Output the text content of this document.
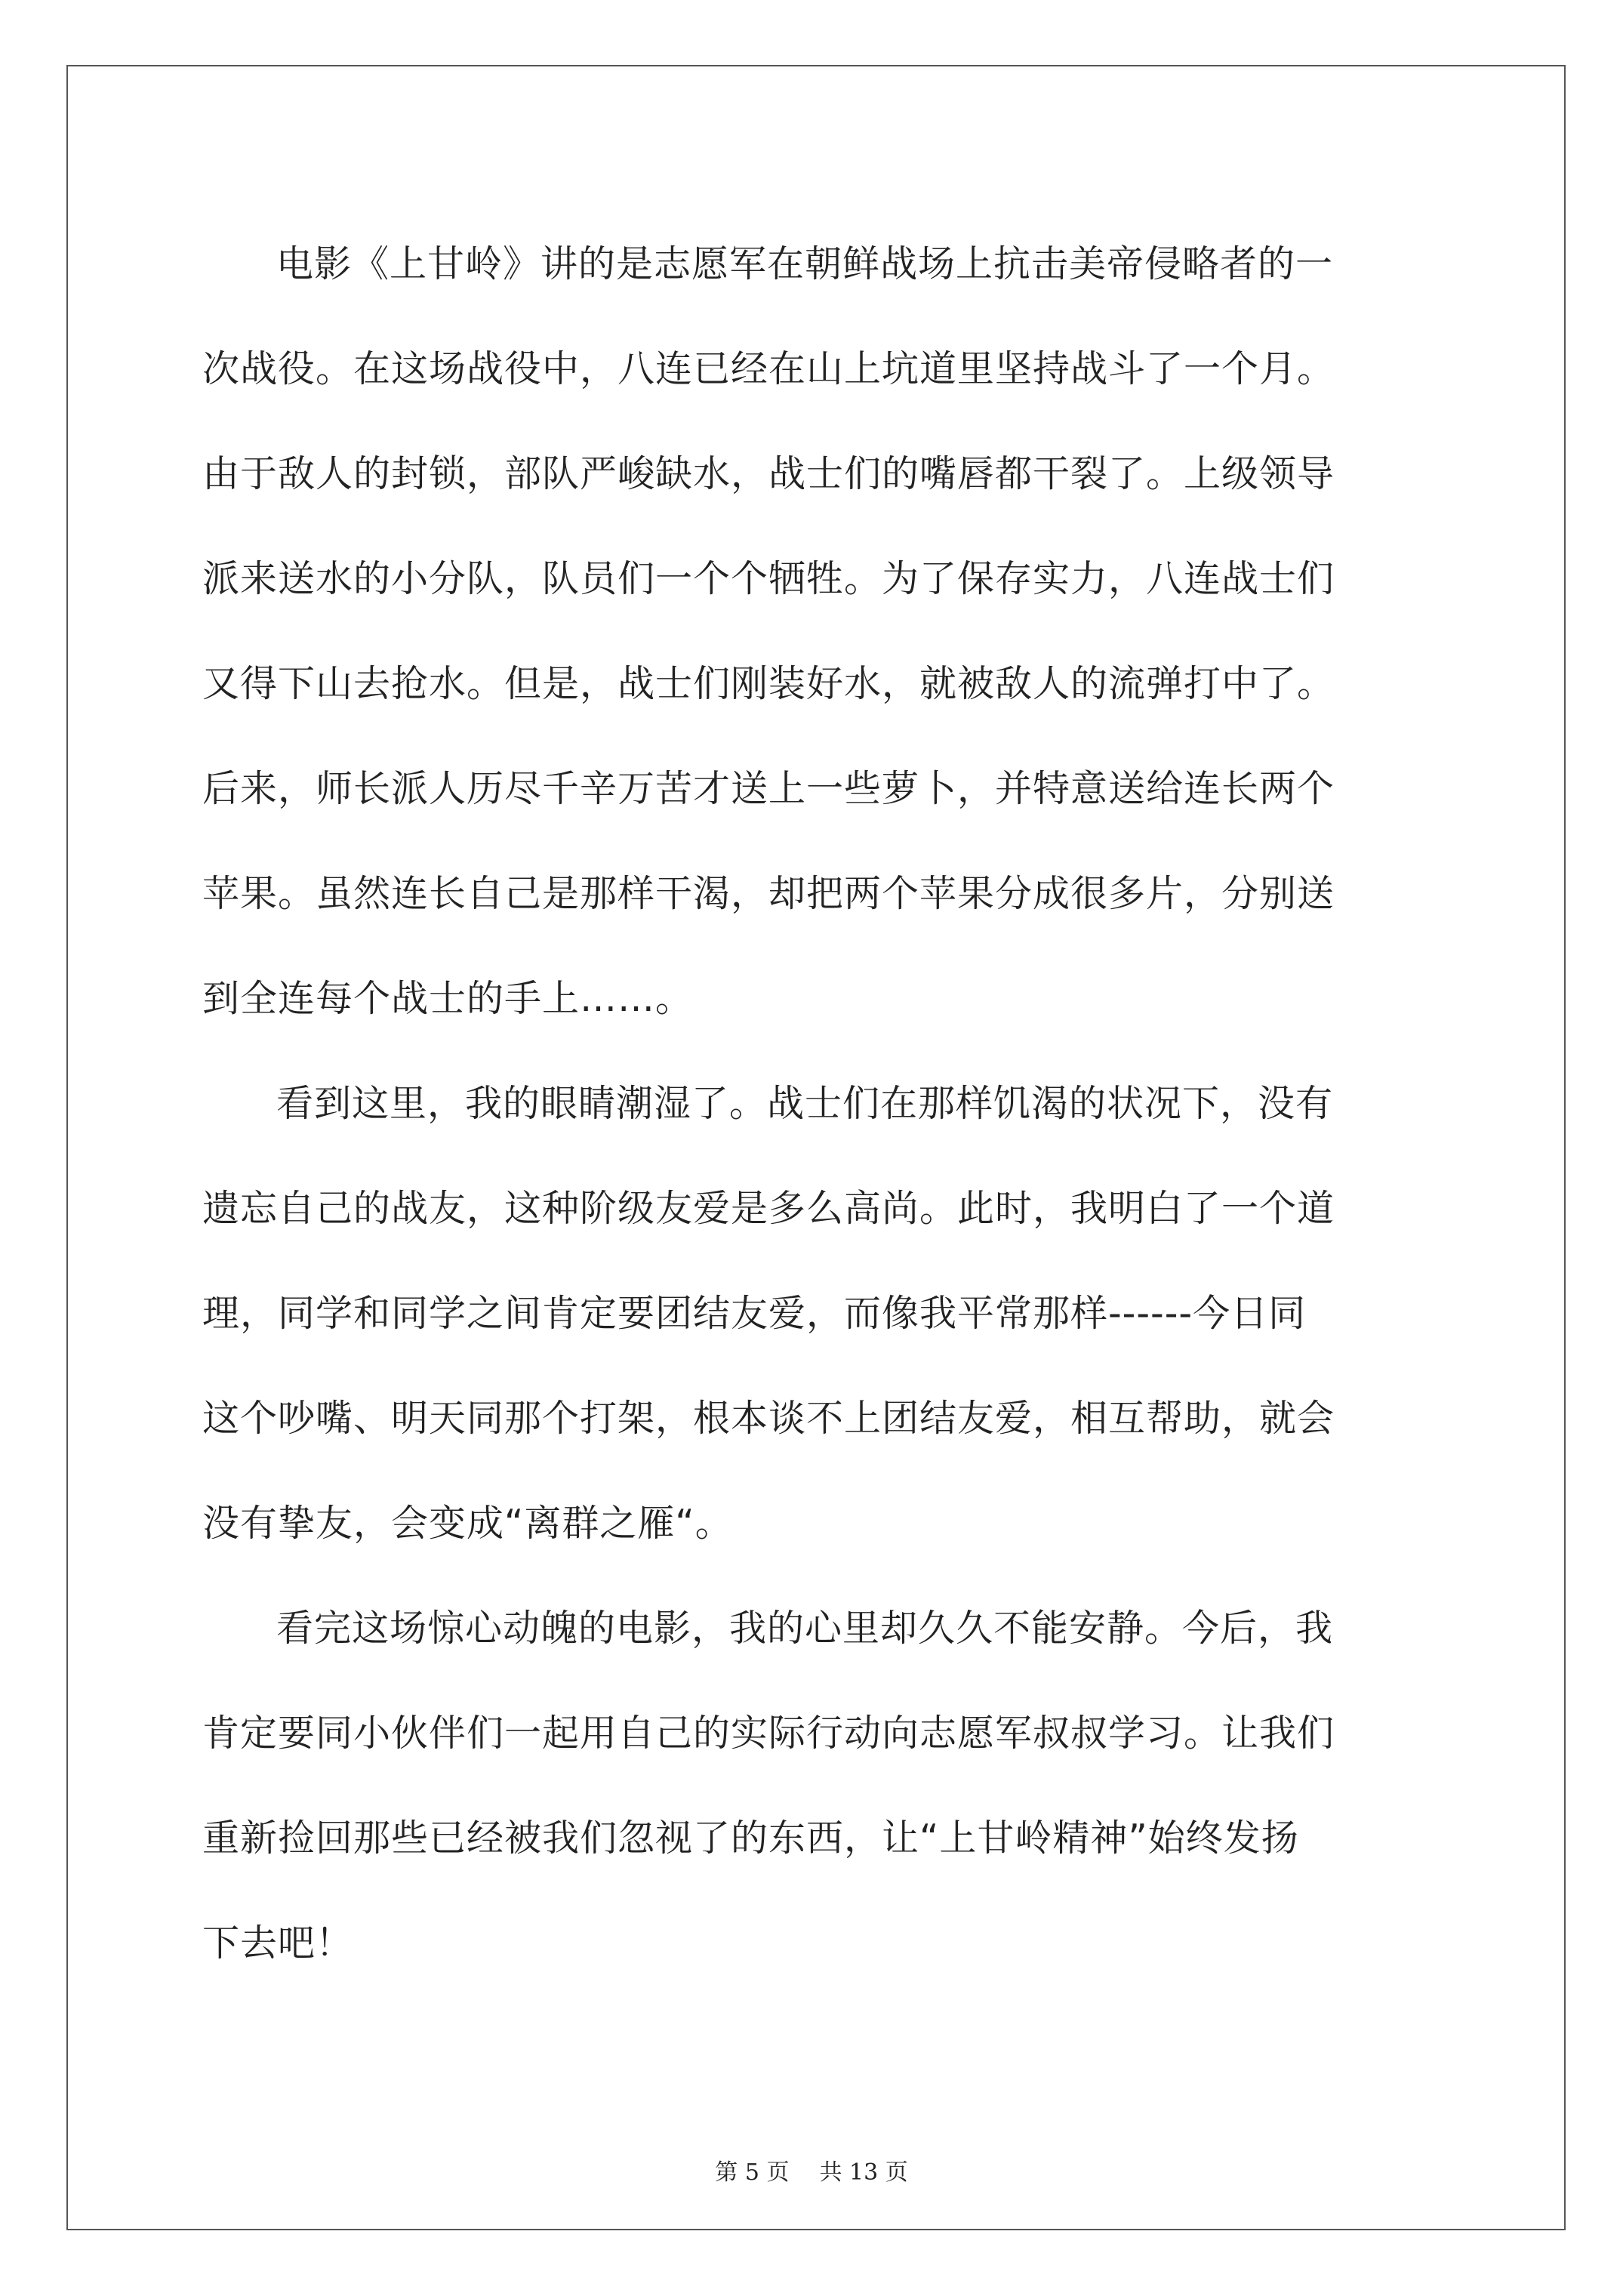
电影《上甘岭》讲的是志愿军在朝鲜战场上抗击美帝侵略者的一
次战役。在这场战役中，八连已经在山上坑道里坚持战斗了一个月。
由于敌人的封锁，部队严峻缺水，战士们的嘴唇都干裂了。上级领导
派来送水的小分队，队员们一个个牺牲。为了保存实力，八连战士们
又得下山去抢水。但是，战士们刚装好水，就被敌人的流弹打中了。
后来，师长派人历尽千辛万苦才送上一些萝卜，并特意送给连长两个
苹果。虽然连长自己是那样干渴，却把两个苹果分成很多片，分别送
到全连每个战士的手上……。
看到这里，我的眼睛潮湿了。战士们在那样饥渴的状况下，没有
遗忘自己的战友，这种阶级友爱是多么高尚。此时，我明白了一个道
理，同学和同学之间肯定要团结友爱，而像我平常那样------今日同
这个吵嘴、明天同那个打架，根本谈不上团结友爱，相互帮助，就会
没有挚友，会变成“离群之雁“。
看完这场惊心动魄的电影，我的心里却久久不能安静。今后，我
肯定要同小伙伴们一起用自己的实际行动向志愿军叔叔学习。让我们
重新捡回那些已经被我们忽视了的东西，让“上甘岭精神”始终发扬
下去吧！
第 5 页 共 13 页
